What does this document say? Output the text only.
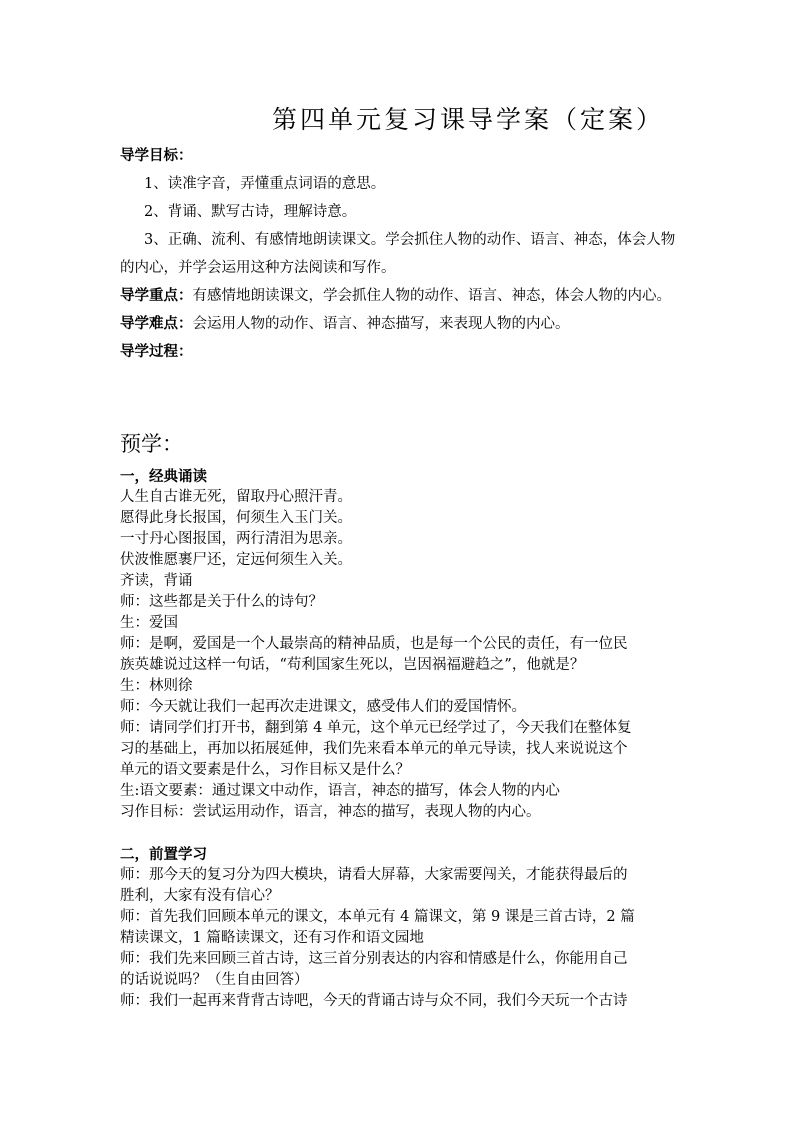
第四单元复习课导学案（定案）
导学目标：
1、读准字音，弄懂重点词语的意思。
2、背诵、默写古诗，理解诗意。
3、正确、流利、有感情地朗读课文。学会抓住人物的动作、语言、神态，体会人物的内心，并学会运用这种方法阅读和写作。
导学重点：有感情地朗读课文，学会抓住人物的动作、语言、神态，体会人物的内心。
导学难点：会运用人物的动作、语言、神态描写，来表现人物的内心。
导学过程：
预学：
一，经典诵读
人生自古谁无死，留取丹心照汗青。
愿得此身长报国，何须生入玉门关。
一寸丹心图报国，两行清泪为思亲。
伏波惟愿裹尸还，定远何须生入关。
齐读，背诵
师：这些都是关于什么的诗句？
生：爱国
师：是啊，爱国是一个人最崇高的精神品质，也是每一个公民的责任，有一位民
族英雄说过这样一句话，“苟利国家生死以，岂因祸福避趋之”，他就是？
生：林则徐
师：今天就让我们一起再次走进课文，感受伟人们的爱国情怀。
师：请同学们打开书，翻到第 4 单元，这个单元已经学过了，今天我们在整体复
习的基础上，再加以拓展延伸，我们先来看本单元的单元导读，找人来说说这个
单元的语文要素是什么，习作目标又是什么？
生:语文要素：通过课文中动作，语言，神态的描写，体会人物的内心
习作目标：尝试运用动作，语言，神态的描写，表现人物的内心。
二，前置学习
师：那今天的复习分为四大模块，请看大屏幕，大家需要闯关，才能获得最后的
胜利，大家有没有信心？
师：首先我们回顾本单元的课文，本单元有 4 篇课文，第 9 课是三首古诗，2 篇
精读课文，1 篇略读课文，还有习作和语文园地
师：我们先来回顾三首古诗，这三首分别表达的内容和情感是什么，你能用自己
的话说说吗？（生自由回答）
师：我们一起再来背背古诗吧，今天的背诵古诗与众不同，我们今天玩一个古诗
